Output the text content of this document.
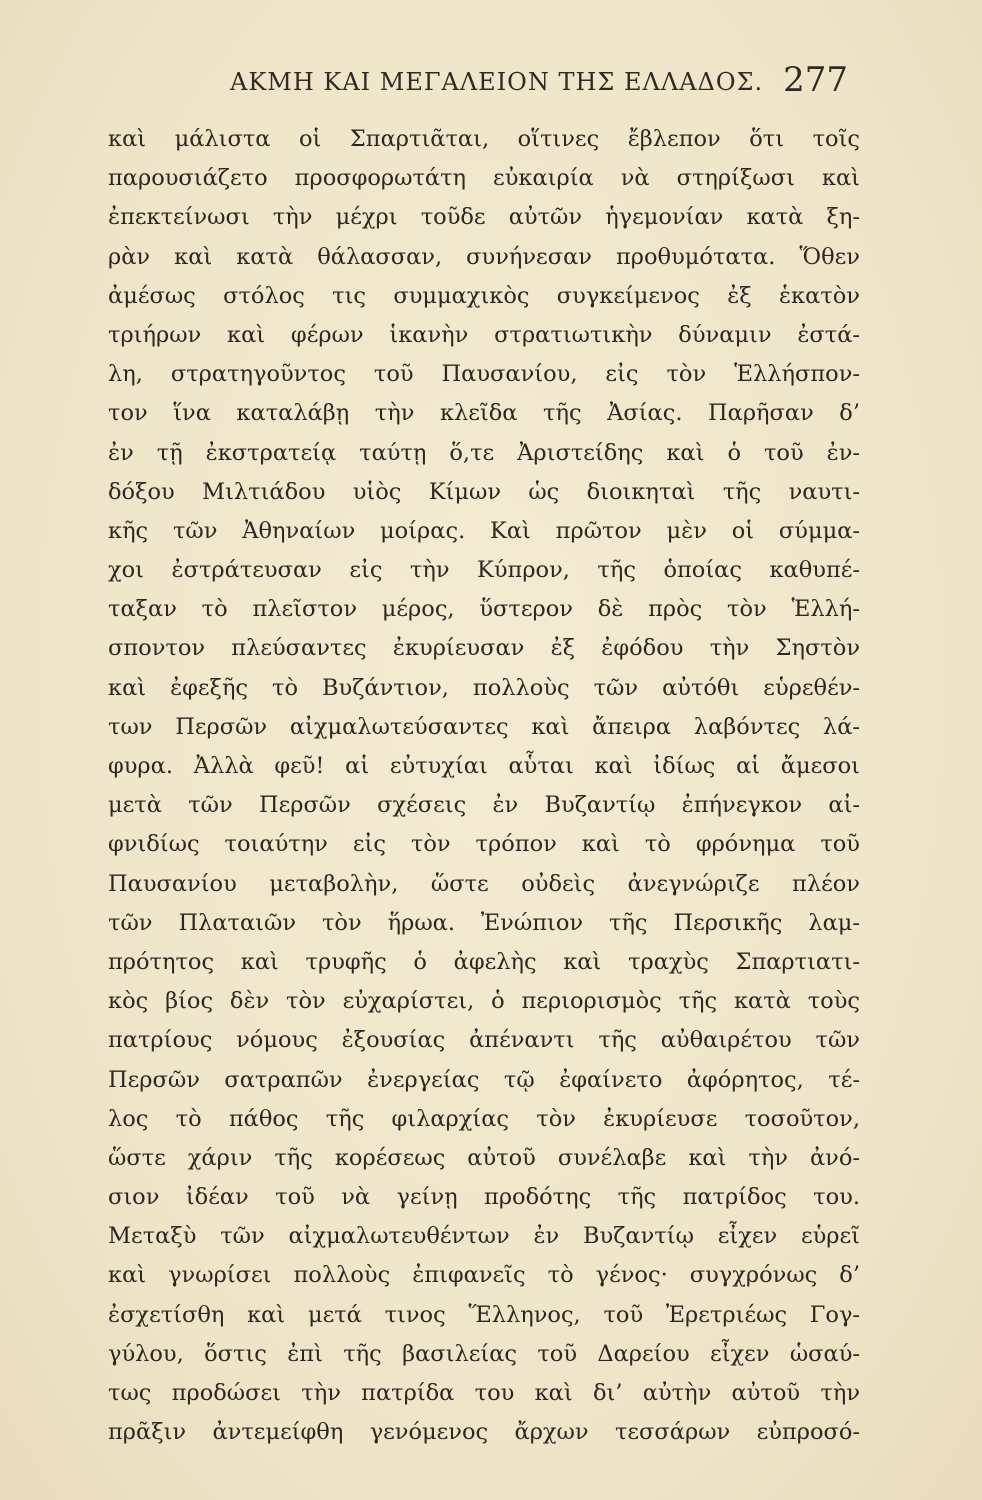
ΑΚΜΗ ΚΑΙ ΜΕΓΑΛΕΙΟΝ ΤΗΣ ΕΛΛΑΔΟΣ. 277
καὶ μάλιστα οἱ Σπαρτιᾶται, οἵτινες ἔβλεπον ὅτι τοῖς
παρουσιάζετο προσφορωτάτη εὐκαιρία νὰ στηρίξωσι καὶ
ἐπεκτείνωσι τὴν μέχρι τοῦδε αὐτῶν ἡγεμονίαν κατὰ ξη-
ρὰν καὶ κατὰ θάλασσαν, συνήνεσαν προθυμότατα. Ὅθεν
ἀμέσως στόλος τις συμμαχικὸς συγκείμενος ἐξ ἑκατὸν
τριήρων καὶ φέρων ἱκανὴν στρατιωτικὴν δύναμιν ἐστά-
λη, στρατηγοῦντος τοῦ Παυσανίου, εἰς τὸν Ἑλλήσπον-
τον ἵνα καταλάβῃ τὴν κλεῖδα τῆς Ἀσίας. Παρῆσαν δ’
ἐν τῇ ἐκστρατείᾳ ταύτῃ ὅ,τε Ἀριστείδης καὶ ὁ τοῦ ἐν-
δόξου Μιλτιάδου υἱὸς Κίμων ὡς διοικηταὶ τῆς ναυτι-
κῆς τῶν Ἀθηναίων μοίρας. Καὶ πρῶτον μὲν οἱ σύμμα-
χοι ἐστράτευσαν εἰς τὴν Κύπρον, τῆς ὁποίας καθυπέ-
ταξαν τὸ πλεῖστον μέρος, ὕστερον δὲ πρὸς τὸν Ἑλλή-
σποντον πλεύσαντες ἐκυρίευσαν ἐξ ἐφόδου τὴν Σηστὸν
καὶ ἐφεξῆς τὸ Βυζάντιον, πολλοὺς τῶν αὐτόθι εὑρεθέν-
των Περσῶν αἰχμαλωτεύσαντες καὶ ἄπειρα λαβόντες λά-
φυρα. Ἀλλὰ φεῦ! αἱ εὐτυχίαι αὗται καὶ ἰδίως αἱ ἄμεσοι
μετὰ τῶν Περσῶν σχέσεις ἐν Βυζαντίῳ ἐπήνεγκον αἰ-
φνιδίως τοιαύτην εἰς τὸν τρόπον καὶ τὸ φρόνημα τοῦ
Παυσανίου μεταβολὴν, ὥστε οὐδεὶς ἀνεγνώριζε πλέον
τῶν Πλαταιῶν τὸν ἥρωα. Ἐνώπιον τῆς Περσικῆς λαμ-
πρότητος καὶ τρυφῆς ὁ ἀφελὴς καὶ τραχὺς Σπαρτιατι-
κὸς βίος δὲν τὸν εὐχαρίστει, ὁ περιορισμὸς τῆς κατὰ τοὺς
πατρίους νόμους ἐξουσίας ἀπέναντι τῆς αὐθαιρέτου τῶν
Περσῶν σατραπῶν ἐνεργείας τῷ ἐφαίνετο ἀφόρητος, τέ-
λος τὸ πάθος τῆς φιλαρχίας τὸν ἐκυρίευσε τοσοῦτον,
ὥστε χάριν τῆς κορέσεως αὐτοῦ συνέλαβε καὶ τὴν ἀνό-
σιον ἰδέαν τοῦ νὰ γείνῃ προδότης τῆς πατρίδος του.
Μεταξὺ τῶν αἰχμαλωτευθέντων ἐν Βυζαντίῳ εἶχεν εὑρεῖ
καὶ γνωρίσει πολλοὺς ἐπιφανεῖς τὸ γένος· συγχρόνως δ’
ἐσχετίσθη καὶ μετά τινος Ἕλληνος, τοῦ Ἐρετριέως Γογ-
γύλου, ὅστις ἐπὶ τῆς βασιλείας τοῦ Δαρείου εἶχεν ὡσαύ-
τως προδώσει τὴν πατρίδα του καὶ δι’ αὐτὴν αὐτοῦ τὴν
πρᾶξιν ἀντεμείφθη γενόμενος ἄρχων τεσσάρων εὐπροσό-
